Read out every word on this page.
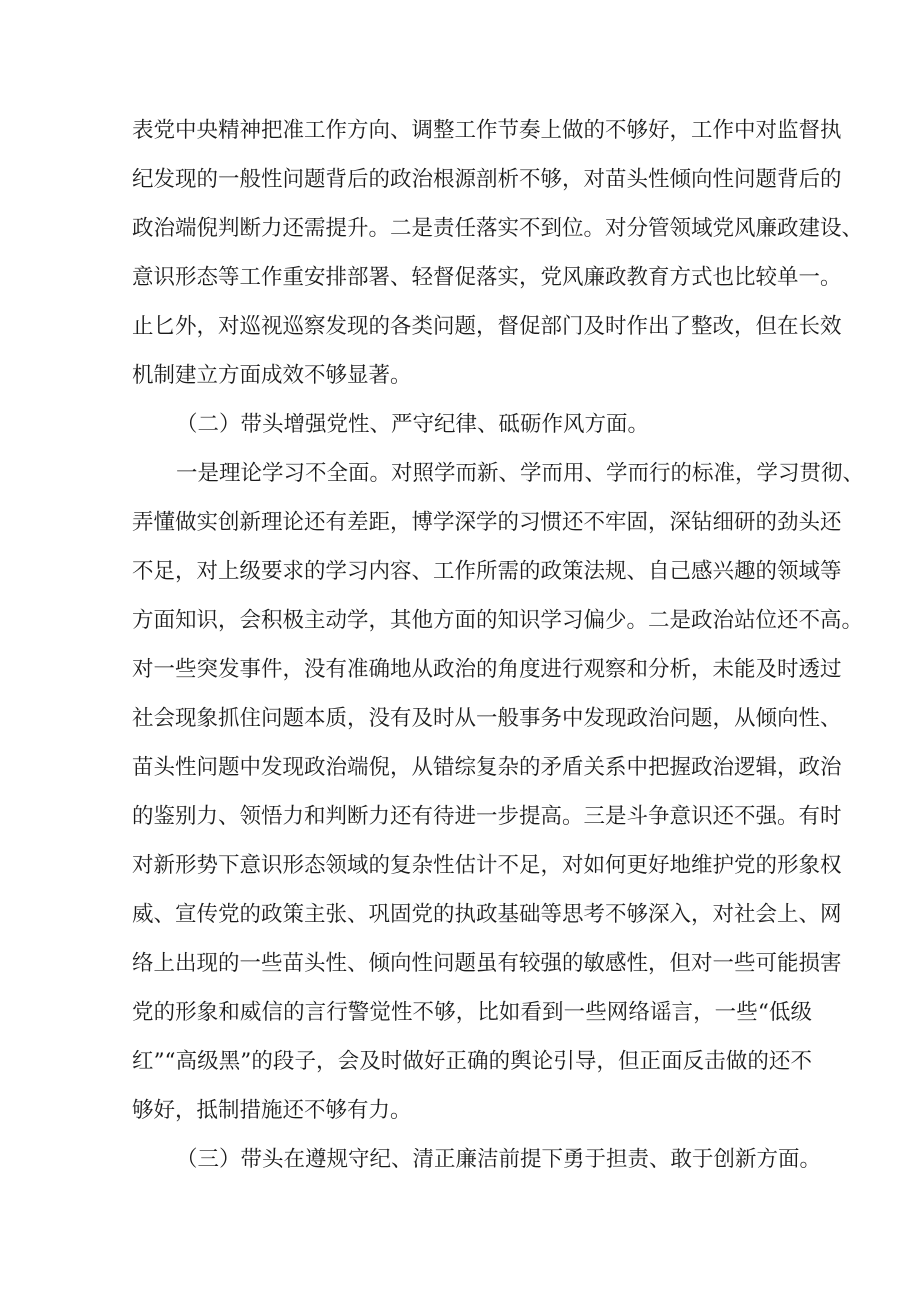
表党中央精神把准工作方向、调整工作节奏上做的不够好，工作中对监督执

纪发现的一般性问题背后的政治根源剖析不够，对苗头性倾向性问题背后的

政治端倪判断力还需提升。二是责任落实不到位。对分管领域党风廉政建设、

意识形态等工作重安排部署、轻督促落实，党风廉政教育方式也比较单一。

止匕外，对巡视巡察发现的各类问题，督促部门及时作出了整改，但在长效

机制建立方面成效不够显著。

（二）带头增强党性、严守纪律、砥砺作风方面。

一是理论学习不全面。对照学而新、学而用、学而行的标准，学习贯彻、

弄懂做实创新理论还有差距，博学深学的习惯还不牢固，深钻细研的劲头还

不足，对上级要求的学习内容、工作所需的政策法规、自己感兴趣的领域等

方面知识，会积极主动学，其他方面的知识学习偏少。二是政治站位还不高。

对一些突发事件，没有准确地从政治的角度进行观察和分析，未能及时透过

社会现象抓住问题本质，没有及时从一般事务中发现政治问题，从倾向性、

苗头性问题中发现政治端倪，从错综复杂的矛盾关系中把握政治逻辑，政治

的鉴别力、领悟力和判断力还有待进一步提高。三是斗争意识还不强。有时

对新形势下意识形态领域的复杂性估计不足，对如何更好地维护党的形象权

威、宣传党的政策主张、巩固党的执政基础等思考不够深入，对社会上、网

络上出现的一些苗头性、倾向性问题虽有较强的敏感性，但对一些可能损害

党的形象和威信的言行警觉性不够，比如看到一些网络谣言，一些“低级

红”“高级黑”的段子，会及时做好正确的舆论引导，但正面反击做的还不

够好，抵制措施还不够有力。

（三）带头在遵规守纪、清正廉洁前提下勇于担责、敢于创新方面。
